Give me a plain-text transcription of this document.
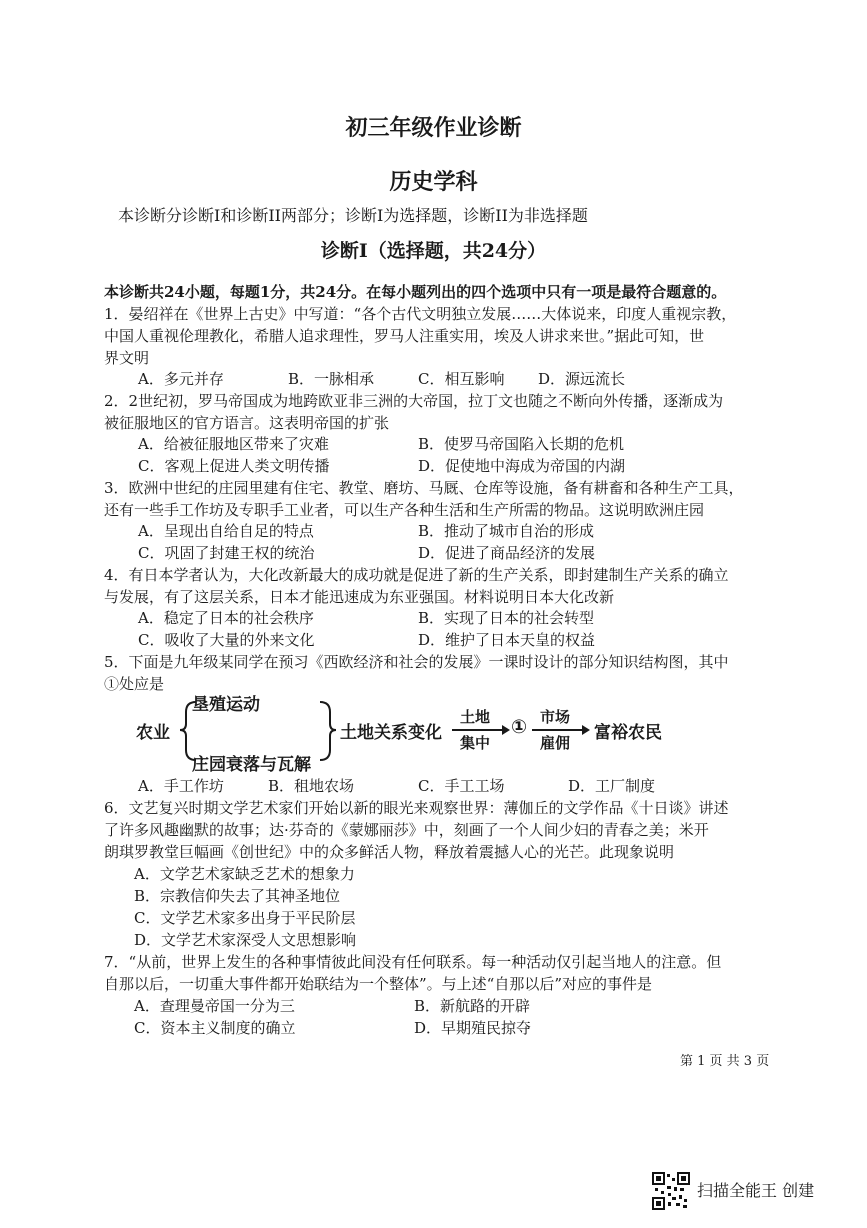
初三年级作业诊断
历史学科
本诊断分诊断I和诊断II两部分；诊断I为选择题，诊断II为非选择题
诊断I（选择题，共24分）
本诊断共24小题，每题1分，共24分。在每小题列出的四个选项中只有一项是最符合题意的。
1．晏绍祥在《世界上古史》中写道：“各个古代文明独立发展……大体说来，印度人重视宗教，
中国人重视伦理教化，希腊人追求理性，罗马人注重实用，埃及人讲求来世。”据此可知，世
界文明
A．多元并存	B．一脉相承	C．相互影响 D．源远流长
2．2世纪初，罗马帝国成为地跨欧亚非三洲的大帝国，拉丁文也随之不断向外传播，逐渐成为
被征服地区的官方语言。这表明帝国的扩张
A．给被征服地区带来了灾难	B．使罗马帝国陷入长期的危机
C．客观上促进人类文明传播	D．促使地中海成为帝国的内湖
3．欧洲中世纪的庄园里建有住宅、教堂、磨坊、马厩、仓库等设施，备有耕畜和各种生产工具，
还有一些手工作坊及专职手工业者，可以生产各种生活和生产所需的物品。这说明欧洲庄园
A．呈现出自给自足的特点	B．推动了城市自治的形成
C．巩固了封建王权的统治	D．促进了商品经济的发展
4．有日本学者认为，大化改新最大的成功就是促进了新的生产关系，即封建制生产关系的确立
与发展，有了这层关系，日本才能迅速成为东亚强国。材料说明日本大化改新
A．稳定了日本的社会秩序	B．实现了日本的社会转型
C．吸收了大量的外来文化	D．维护了日本天皇的权益
5．下面是九年级某同学在预习《西欧经济和社会的发展》一课时设计的部分知识结构图，其中
①处应是
农业
垦殖运动
庄园衰落与瓦解
土地关系变化
土地
集中
① 市场
雇佣 富裕农民
A．手工作坊	B．租地农场	C．手工工场	D．工厂制度
6．文艺复兴时期文学艺术家们开始以新的眼光来观察世界：薄伽丘的文学作品《十日谈》讲述
了许多风趣幽默的故事；达·芬奇的《蒙娜丽莎》中，刻画了一个人间少妇的青春之美；米开
朗琪罗教堂巨幅画《创世纪》中的众多鲜活人物，释放着震撼人心的光芒。此现象说明
A．文学艺术家缺乏艺术的想象力
B．宗教信仰失去了其神圣地位
C．文学艺术家多出身于平民阶层
D．文学艺术家深受人文思想影响
7．“从前，世界上发生的各种事情彼此间没有任何联系。每一种活动仅引起当地人的注意。但
自那以后，一切重大事件都开始联结为一个整体”。与上述“自那以后”对应的事件是
A．查理曼帝国一分为三	B．新航路的开辟
C．资本主义制度的确立	D．早期殖民掠夺
第 1 页 共 3 页
扫描全能王 创建
